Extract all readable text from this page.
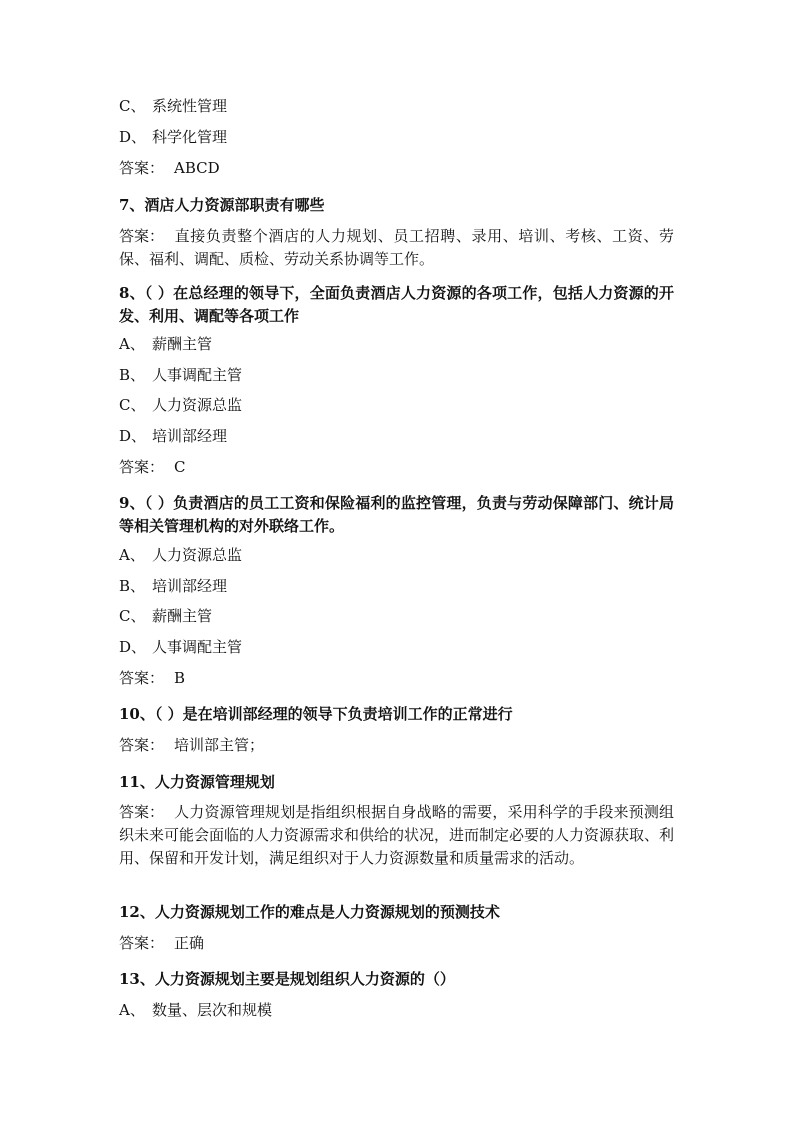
C、 系统性管理
D、 科学化管理
答案： ABCD
7、酒店人力资源部职责有哪些
答案： 直接负责整个酒店的人力规划、员工招聘、录用、培训、考核、工资、劳保、福利、调配、质检、劳动关系协调等工作。
8、（ ）在总经理的领导下，全面负责酒店人力资源的各项工作，包括人力资源的开发、利用、调配等各项工作
A、 薪酬主管
B、 人事调配主管
C、 人力资源总监
D、 培训部经理
答案： C
9、（ ）负责酒店的员工工资和保险福利的监控管理，负责与劳动保障部门、统计局等相关管理机构的对外联络工作。
A、 人力资源总监
B、 培训部经理
C、 薪酬主管
D、 人事调配主管
答案： B
10、（ ）是在培训部经理的领导下负责培训工作的正常进行
答案： 培训部主管；
11、人力资源管理规划
答案： 人力资源管理规划是指组织根据自身战略的需要，采用科学的手段来预测组织未来可能会面临的人力资源需求和供给的状况，进而制定必要的人力资源获取、利用、保留和开发计划，满足组织对于人力资源数量和质量需求的活动。
12、人力资源规划工作的难点是人力资源规划的预测技术
答案： 正确
13、人力资源规划主要是规划组织人力资源的（）
A、 数量、层次和规模
